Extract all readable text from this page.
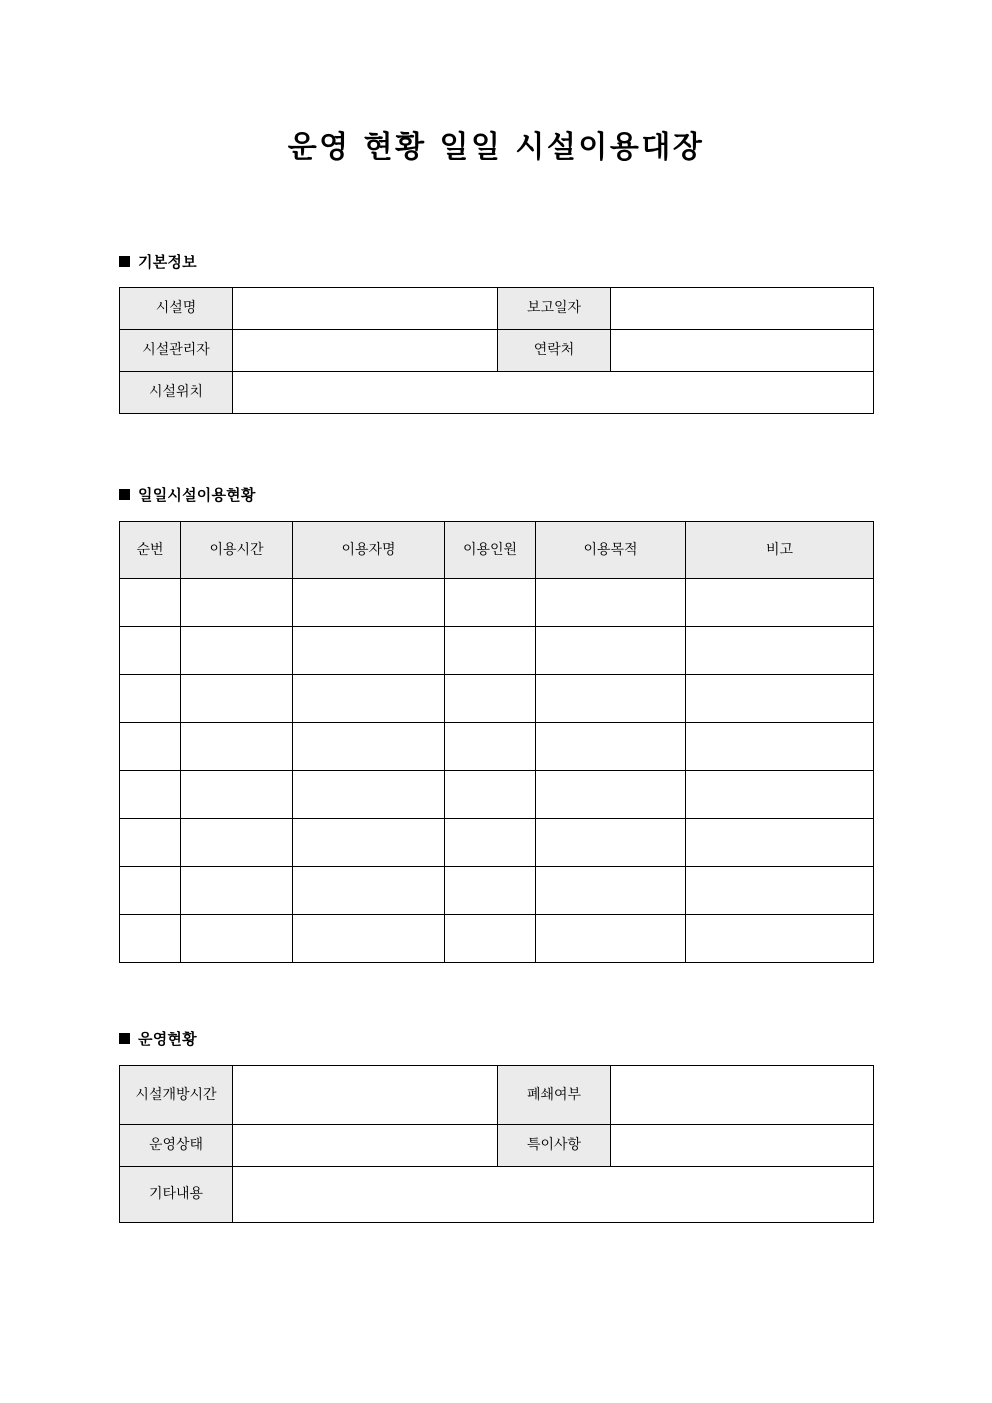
운영 현황 일일 시설이용대장
기본정보
시설명		보고일자	
시설관리자		연락처	
시설위치			
일일시설이용현황
순번	이용시간	이용자명	이용인원	이용목적	비고

운영현황
시설개방시간		폐쇄여부	
운영상태		특이사항	
기타내용			
